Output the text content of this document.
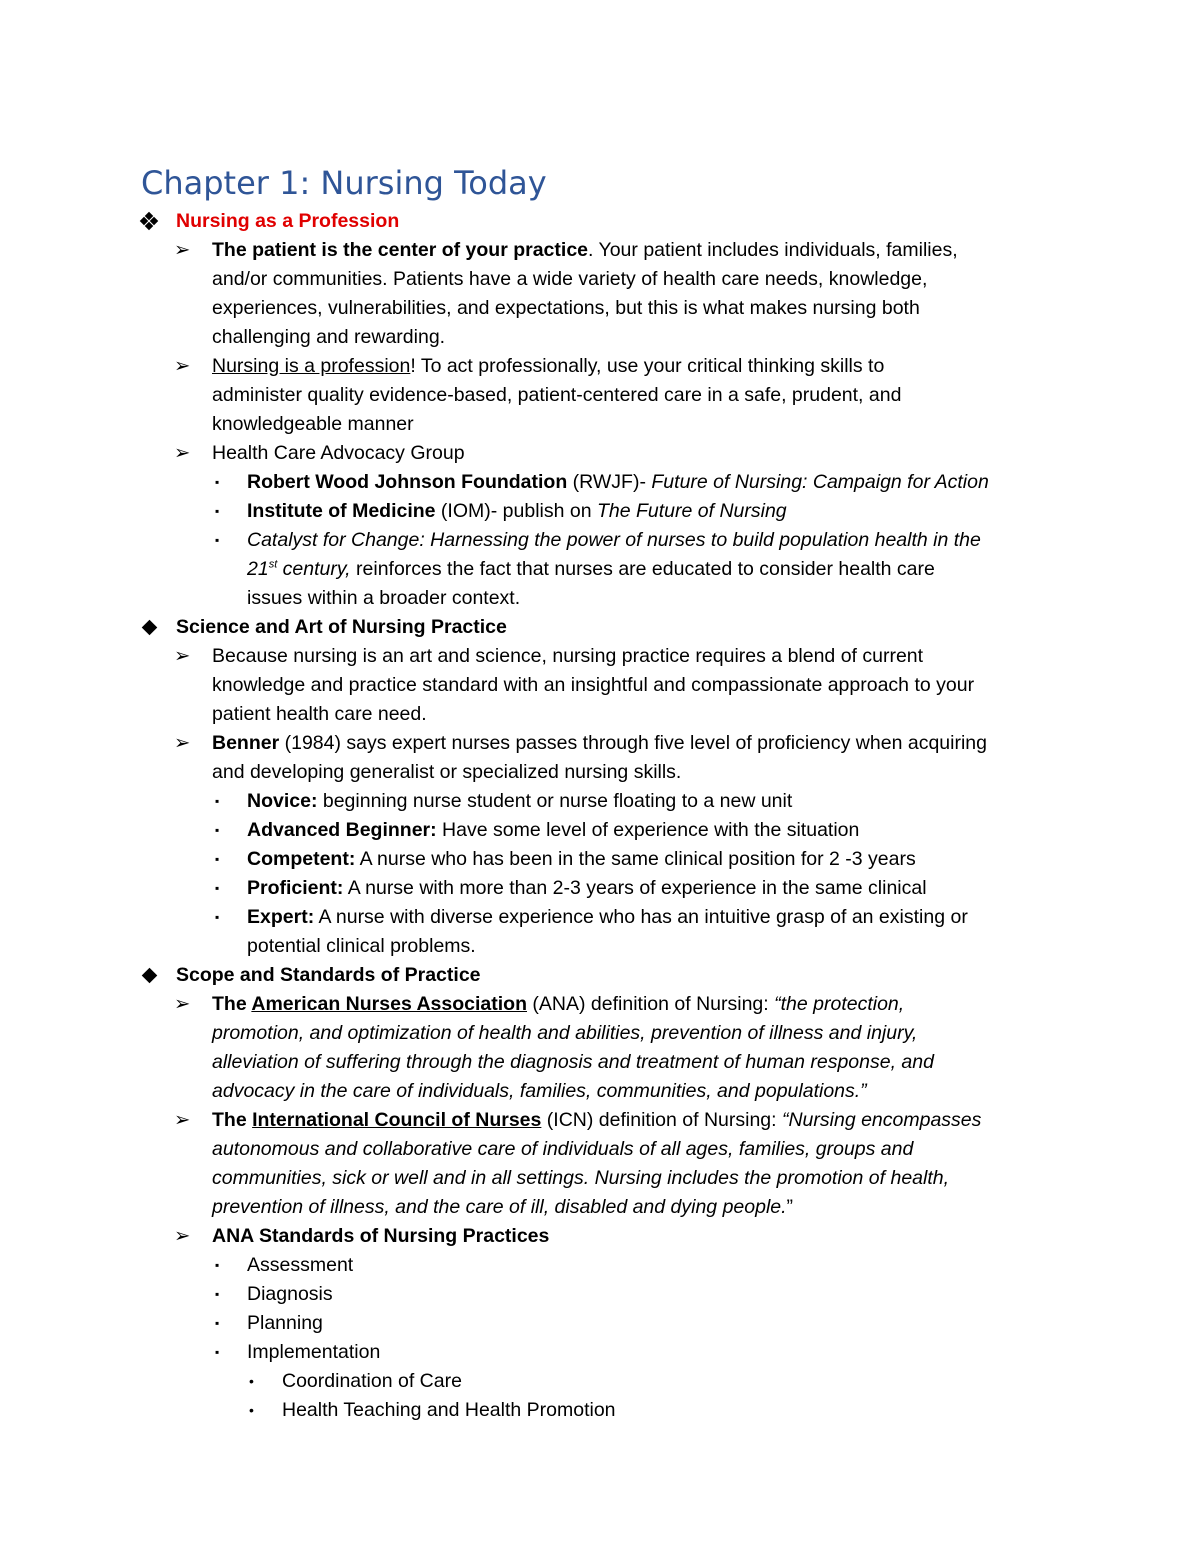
Chapter 1: Nursing Today
Nursing as a Profession
➢ The patient is the center of your practice. Your patient includes individuals, families,
and/or communities. Patients have a wide variety of health care needs, knowledge,
experiences, vulnerabilities, and expectations, but this is what makes nursing both
challenging and rewarding.
➢ Nursing is a profession! To act professionally, use your critical thinking skills to
administer quality evidence-based, patient-centered care in a safe, prudent, and
knowledgeable manner
➢ Health Care Advocacy Group
▪ Robert Wood Johnson Foundation (RWJF)- Future of Nursing: Campaign for Action
▪ Institute of Medicine (IOM)- publish on The Future of Nursing
▪ Catalyst for Change: Harnessing the power of nurses to build population health in the
21st century, reinforces the fact that nurses are educated to consider health care
issues within a broader context.
Science and Art of Nursing Practice
➢ Because nursing is an art and science, nursing practice requires a blend of current
knowledge and practice standard with an insightful and compassionate approach to your
patient health care need.
➢ Benner (1984) says expert nurses passes through five level of proficiency when acquiring
and developing generalist or specialized nursing skills.
▪ Novice: beginning nurse student or nurse floating to a new unit
▪ Advanced Beginner: Have some level of experience with the situation
▪ Competent: A nurse who has been in the same clinical position for 2 -3 years
▪ Proficient: A nurse with more than 2-3 years of experience in the same clinical
▪ Expert: A nurse with diverse experience who has an intuitive grasp of an existing or
potential clinical problems.
Scope and Standards of Practice
➢ The American Nurses Association (ANA) definition of Nursing: “the protection,
promotion, and optimization of health and abilities, prevention of illness and injury,
alleviation of suffering through the diagnosis and treatment of human response, and
advocacy in the care of individuals, families, communities, and populations.”
➢ The International Council of Nurses (ICN) definition of Nursing: “Nursing encompasses
autonomous and collaborative care of individuals of all ages, families, groups and
communities, sick or well and in all settings. Nursing includes the promotion of health,
prevention of illness, and the care of ill, disabled and dying people.”
➢ ANA Standards of Nursing Practices
▪ Assessment
▪ Diagnosis
▪ Planning
▪ Implementation
• Coordination of Care
• Health Teaching and Health Promotion
